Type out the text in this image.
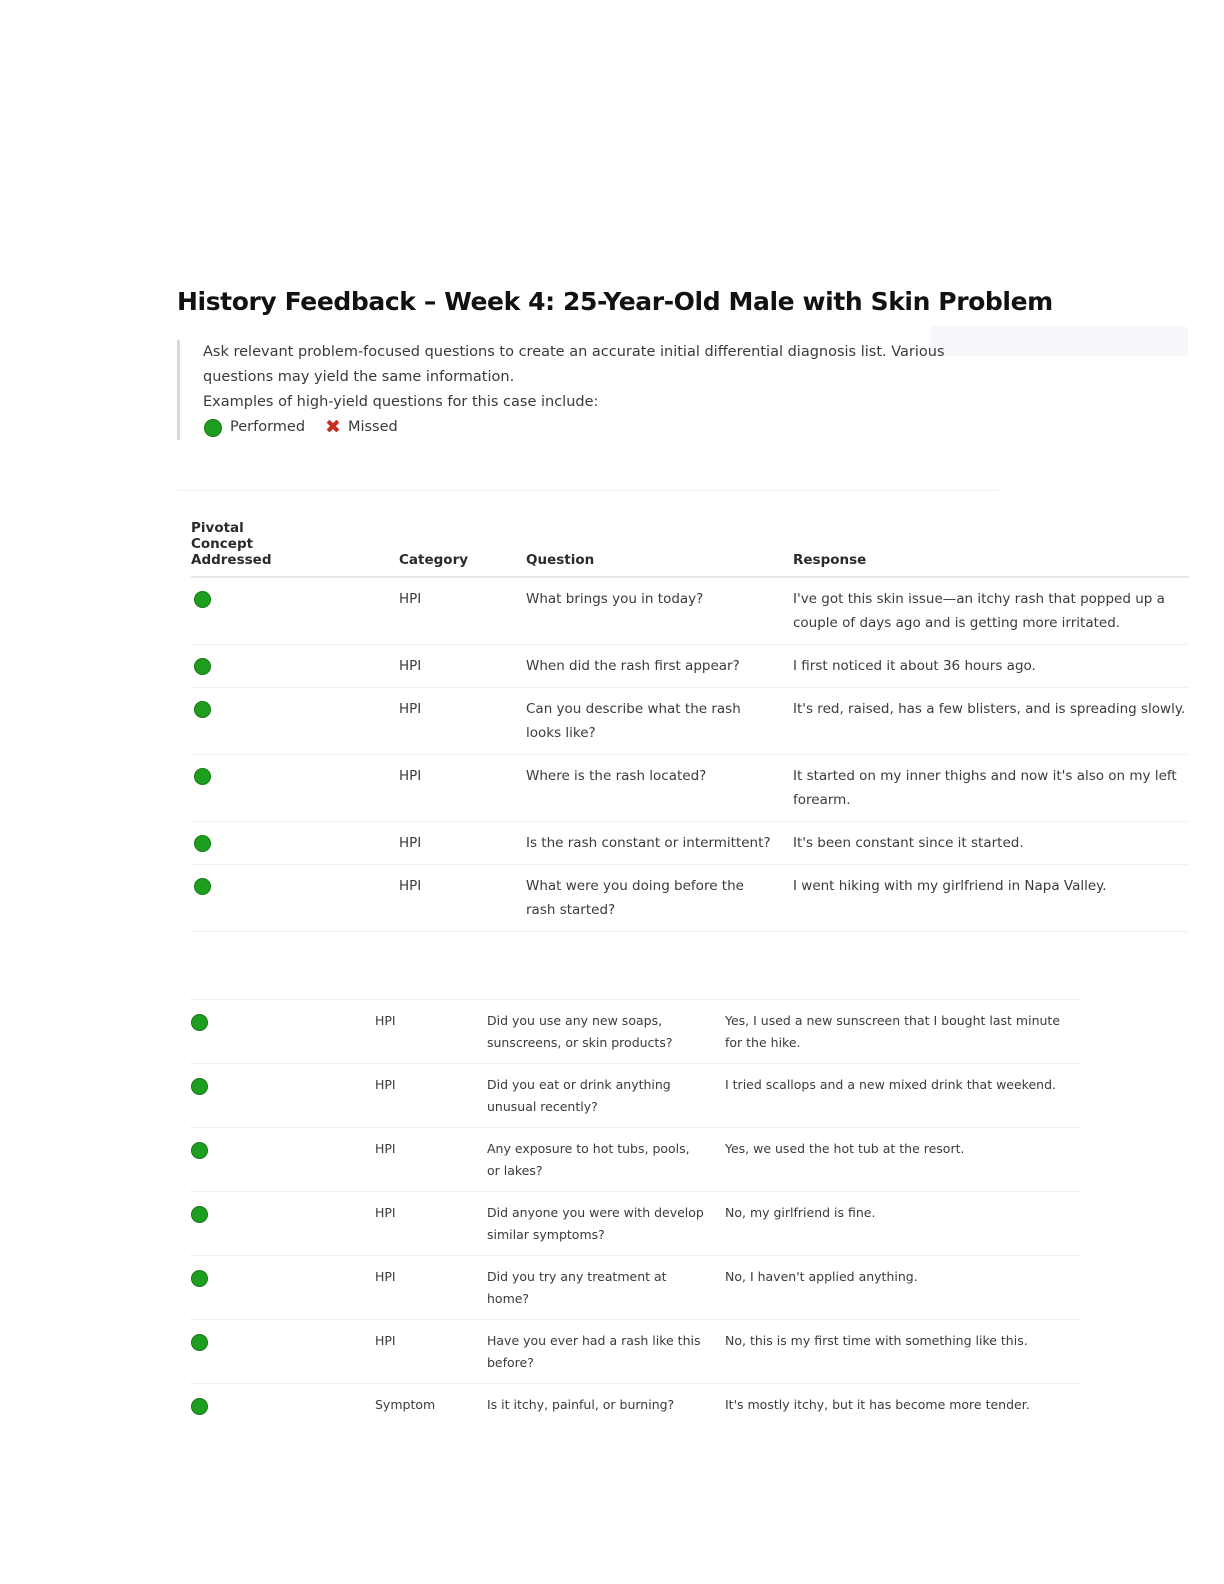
History Feedback – Week 4: 25-Year-Old Male with Skin Problem

Ask relevant problem-focused questions to create an accurate initial differential diagnosis list. Various

questions may yield the same information.

Examples of high-yield questions for this case include:

Performed ✖ Missed
Pivotal Concept Addressed	Category	Question	Response
	HPI	What brings you in today?	I've got this skin issue—an itchy rash that popped up a couple of days ago and is getting more irritated.
	HPI	When did the rash first appear?	I first noticed it about 36 hours ago.
	HPI	Can you describe what the rash looks like?	It's red, raised, has a few blisters, and is spreading slowly.
	HPI	Where is the rash located?	It started on my inner thighs and now it's also on my left forearm.
	HPI	Is the rash constant or intermittent?	It's been constant since it started.
	HPI	What were you doing before the rash started?	I went hiking with my girlfriend in Napa Valley.
	HPI	Did you use any new soaps, sunscreens, or skin products?	Yes, I used a new sunscreen that I bought last minute for the hike.
	HPI	Did you eat or drink anything unusual recently?	I tried scallops and a new mixed drink that weekend.
	HPI	Any exposure to hot tubs, pools, or lakes?	Yes, we used the hot tub at the resort.
	HPI	Did anyone you were with develop similar symptoms?	No, my girlfriend is fine.
	HPI	Did you try any treatment at home?	No, I haven't applied anything.
	HPI	Have you ever had a rash like this before?	No, this is my first time with something like this.
	Symptom	Is it itchy, painful, or burning?	It's mostly itchy, but it has become more tender.
